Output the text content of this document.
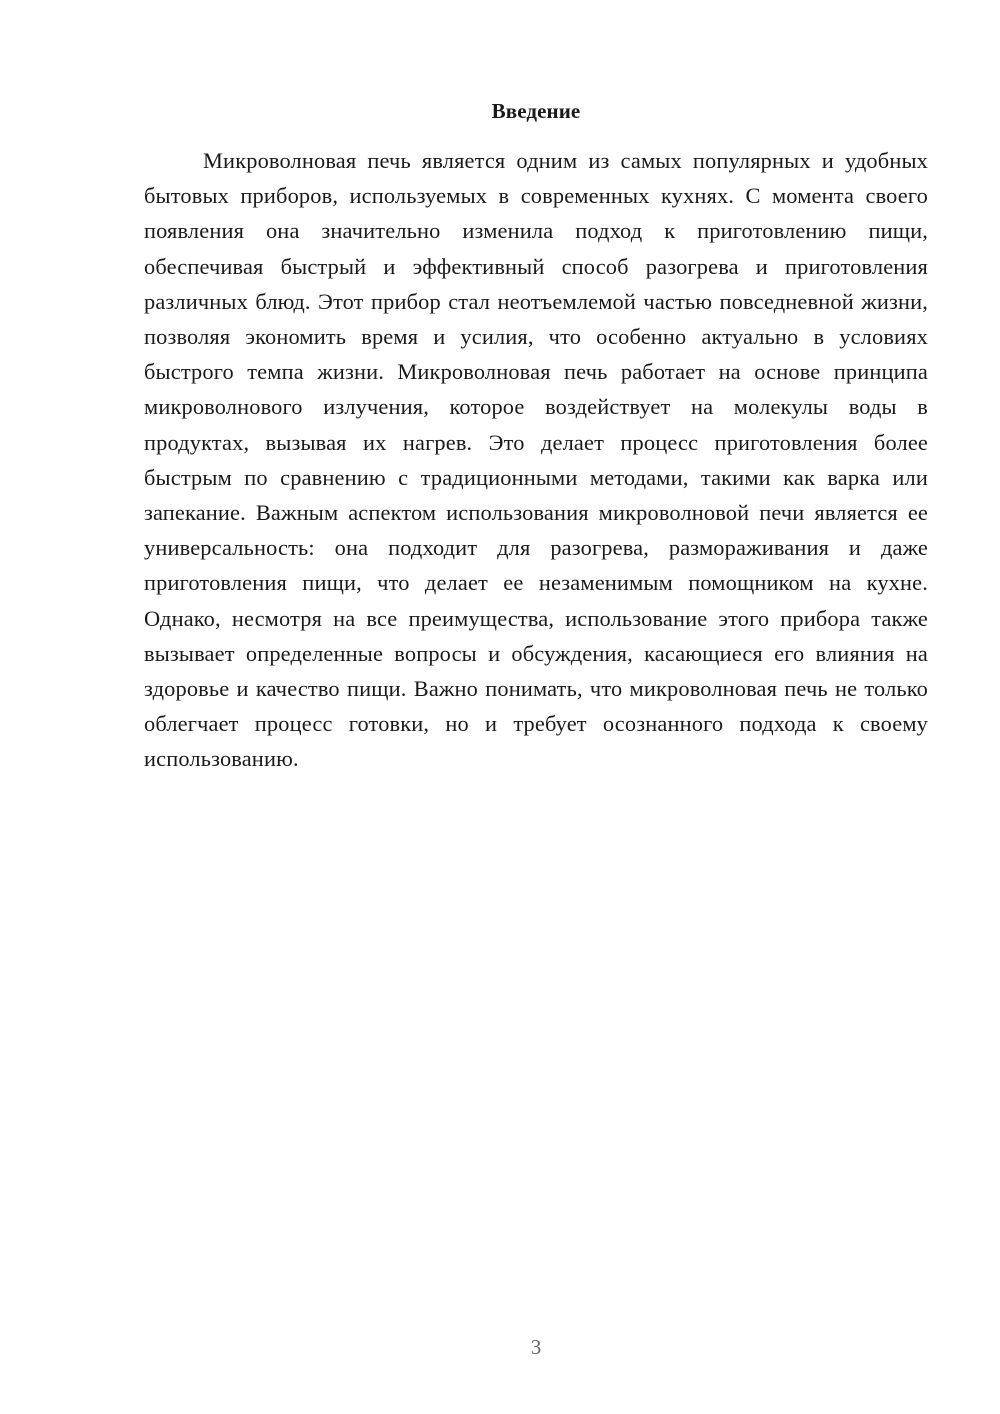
Введение

Микроволновая печь является одним из самых популярных и удобных бытовых приборов, используемых в современных кухнях. С момента своего появления она значительно изменила подход к приготовлению пищи, обеспечивая быстрый и эффективный способ разогрева и приготовления различных блюд. Этот прибор стал неотъемлемой частью повседневной жизни, позволяя экономить время и усилия, что особенно актуально в условиях быстрого темпа жизни. Микроволновая печь работает на основе принципа микроволнового излучения, которое воздействует на молекулы воды в продуктах, вызывая их нагрев. Это делает процесс приготовления более быстрым по сравнению с традиционными методами, такими как варка или запекание. Важным аспектом использования микроволновой печи является ее универсальность: она подходит для разогрева, размораживания и даже приготовления пищи, что делает ее незаменимым помощником на кухне. Однако, несмотря на все преимущества, использование этого прибора также вызывает определенные вопросы и обсуждения, касающиеся его влияния на здоровье и качество пищи. Важно понимать, что микроволновая печь не только облегчает процесс готовки, но и требует осознанного подхода к своему использованию.

3
